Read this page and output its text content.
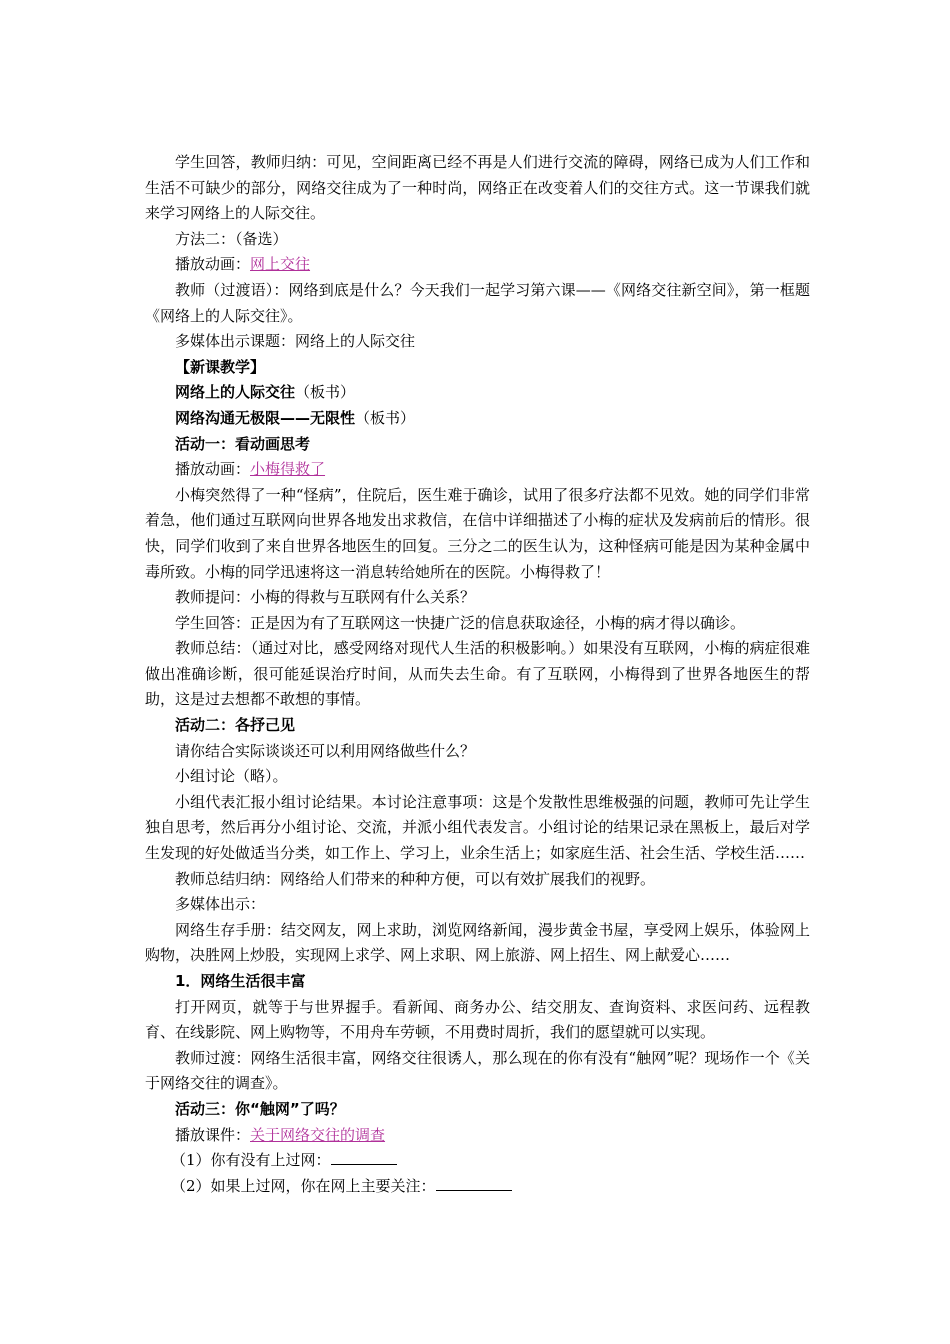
学生回答，教师归纳：可见，空间距离已经不再是人们进行交流的障碍，网络已成为人们工作和生活不可缺少的部分，网络交往成为了一种时尚，网络正在改变着人们的交往方式。这一节课我们就来学习网络上的人际交往。

方法二：（备选）

播放动画：网上交往

教师（过渡语）：网络到底是什么？今天我们一起学习第六课——《网络交往新空间》，第一框题《网络上的人际交往》。

多媒体出示课题：网络上的人际交往

【新课教学】

网络上的人际交往（板书）

网络沟通无极限——无限性（板书）

活动一：看动画思考

播放动画：小梅得救了

小梅突然得了一种“怪病”，住院后，医生难于确诊，试用了很多疗法都不见效。她的同学们非常着急，他们通过互联网向世界各地发出求救信，在信中详细描述了小梅的症状及发病前后的情形。很快，同学们收到了来自世界各地医生的回复。三分之二的医生认为，这种怪病可能是因为某种金属中毒所致。小梅的同学迅速将这一消息转给她所在的医院。小梅得救了！

教师提问：小梅的得救与互联网有什么关系？

学生回答：正是因为有了互联网这一快捷广泛的信息获取途径，小梅的病才得以确诊。

教师总结：（通过对比，感受网络对现代人生活的积极影响。）如果没有互联网，小梅的病症很难做出准确诊断，很可能延误治疗时间，从而失去生命。有了互联网，小梅得到了世界各地医生的帮助，这是过去想都不敢想的事情。

活动二：各抒己见

请你结合实际谈谈还可以利用网络做些什么？

小组讨论（略）。

小组代表汇报小组讨论结果。本讨论注意事项：这是个发散性思维极强的问题，教师可先让学生独自思考，然后再分小组讨论、交流，并派小组代表发言。小组讨论的结果记录在黑板上，最后对学生发现的好处做适当分类，如工作上、学习上，业余生活上；如家庭生活、社会生活、学校生活……

教师总结归纳：网络给人们带来的种种方便，可以有效扩展我们的视野。

多媒体出示：

网络生存手册：结交网友，网上求助，浏览网络新闻，漫步黄金书屋，享受网上娱乐，体验网上购物，决胜网上炒股，实现网上求学、网上求职、网上旅游、网上招生、网上献爱心……

1．网络生活很丰富

打开网页，就等于与世界握手。看新闻、商务办公、结交朋友、查询资料、求医问药、远程教育、在线影院、网上购物等，不用舟车劳顿，不用费时周折，我们的愿望就可以实现。

教师过渡：网络生活很丰富，网络交往很诱人，那么现在的你有没有“触网”呢？现场作一个《关于网络交往的调查》。

活动三：你“触网”了吗？

播放课件：关于网络交往的调查

（1）你有没有上过网：

（2）如果上过网，你在网上主要关注：
